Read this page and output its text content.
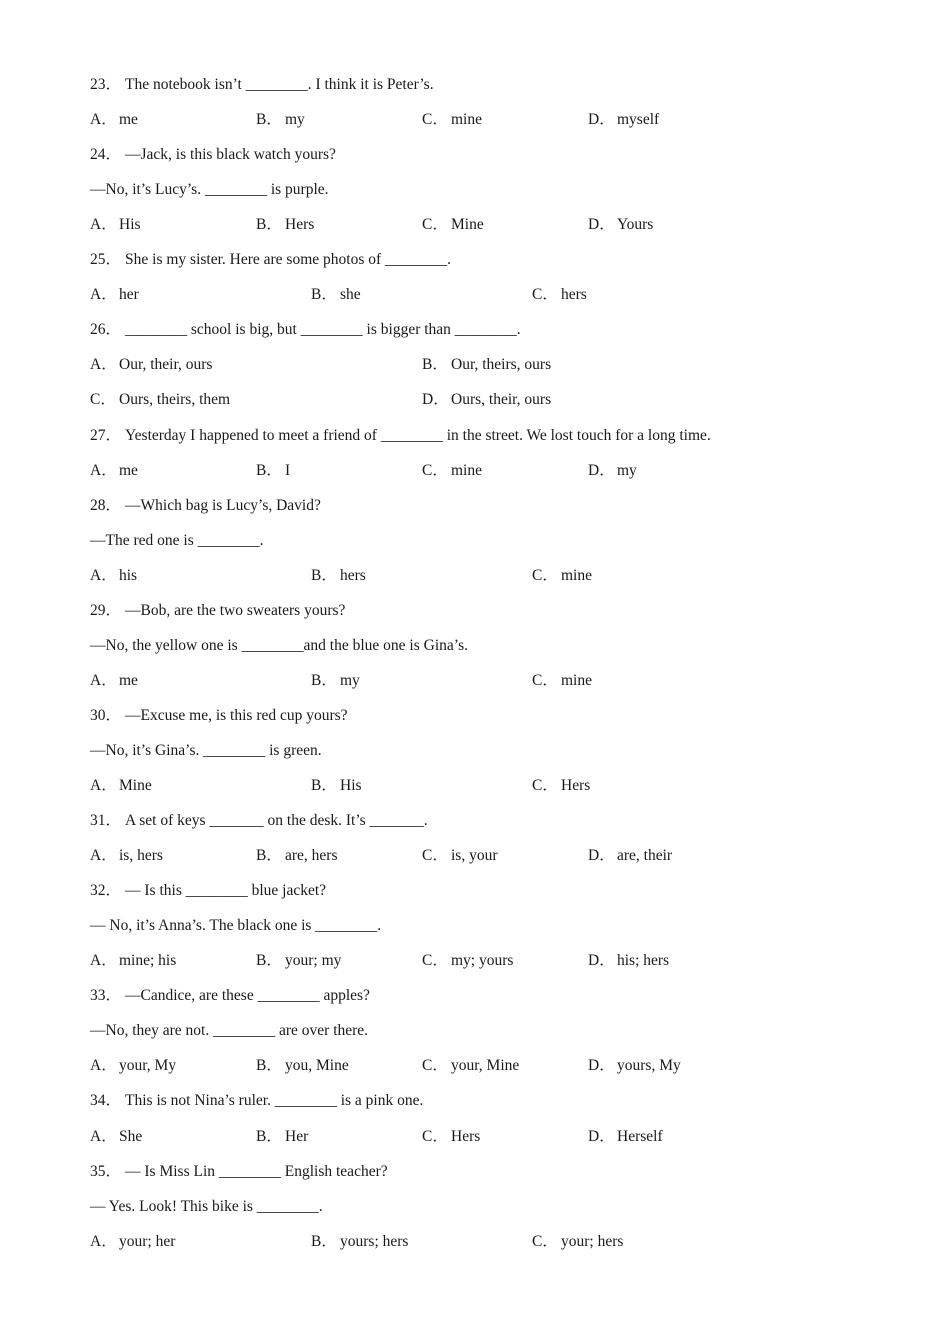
23． The notebook isn’t ________. I think it is Peter’s.
A． me	B． my	C． mine	D． myself
24． —Jack, is this black watch yours?
—No, it’s Lucy’s. ________ is purple.
A． His	B． Hers	C． Mine	D． Yours
25． She is my sister. Here are some photos of ________.
A． her	B． she	C． hers
26． ________ school is big, but ________ is bigger than ________.
A． Our, their, ours	B． Our, theirs, ours
C． Ours, theirs, them	D． Ours, their, ours
27． Yesterday I happened to meet a friend of ________ in the street. We lost touch for a long time.
A． me	B． I	C． mine	D． my
28． —Which bag is Lucy’s, David?
—The red one is ________.
A． his	B． hers	C． mine
29． —Bob, are the two sweaters yours?
—No, the yellow one is ________and the blue one is Gina’s.
A． me	B． my	C． mine
30． —Excuse me, is this red cup yours?
—No, it’s Gina’s. ________ is green.
A． Mine	B． His	C． Hers
31． A set of keys _______ on the desk. It’s _______.
A． is, hers	B． are, hers	C． is, your	D． are, their
32． — Is this ________ blue jacket?
— No, it’s Anna’s. The black one is ________.
A． mine; his	B． your; my	C． my; yours	D． his; hers
33． —Candice, are these ________ apples?
—No, they are not. ________ are over there.
A． your, My	B． you, Mine	C． your, Mine	D． yours, My
34． This is not Nina’s ruler. ________ is a pink one.
A． She	B． Her	C． Hers	D． Herself
35． — Is Miss Lin ________ English teacher?
— Yes. Look! This bike is ________.
A． your; her	B． yours; hers	C． your; hers
